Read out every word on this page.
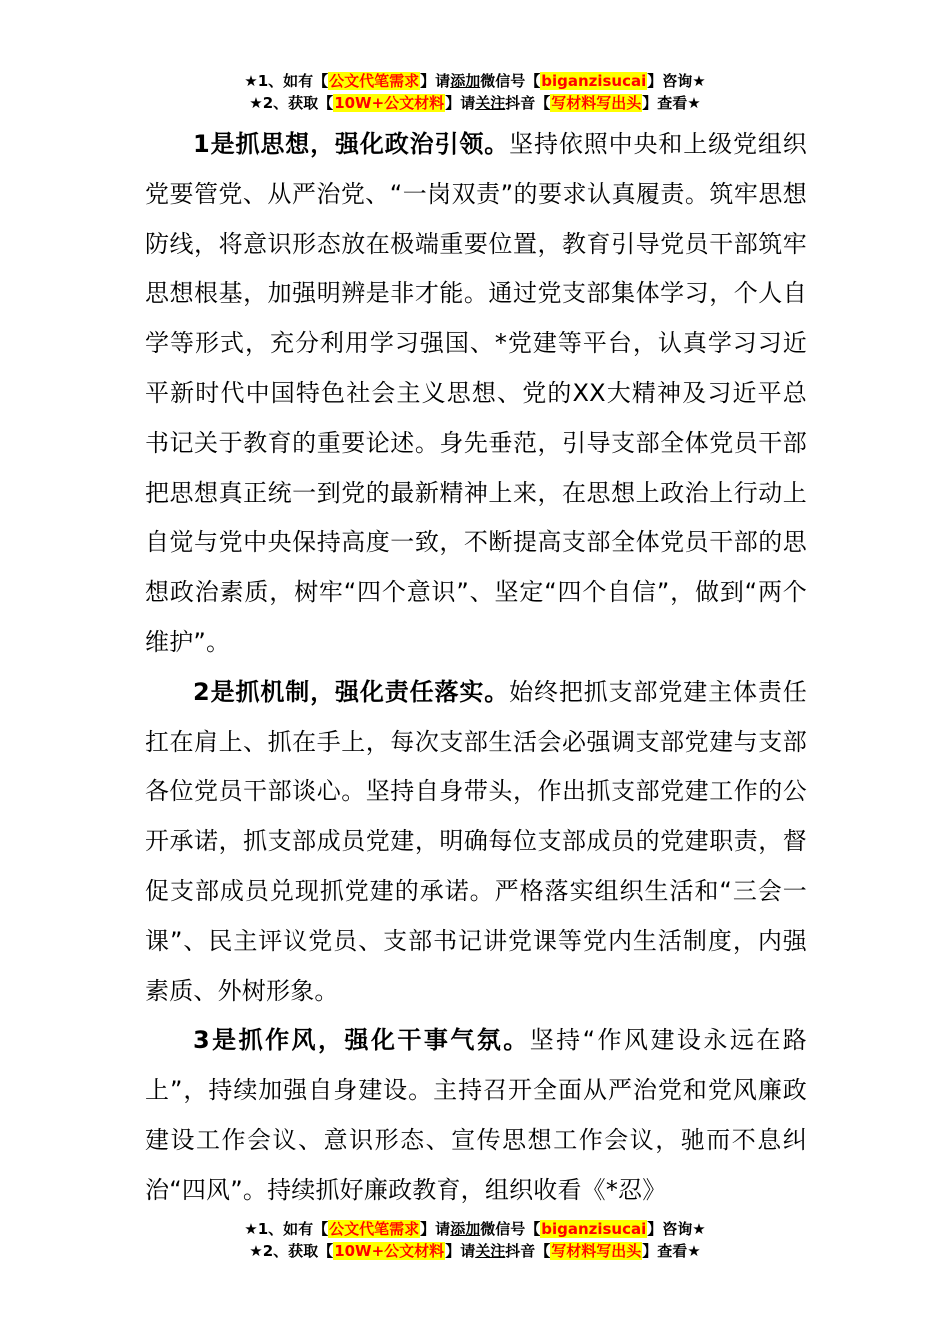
★1、如有【公文代笔需求】请添加微信号【biganzisucai】咨询★
★2、获取【10W+公文材料】请关注抖音【写材料写出头】查看★

1是抓思想，强化政治引领。坚持依照中央和上级党组织党要管党、从严治党、“一岗双责”的要求认真履责。筑牢思想防线，将意识形态放在极端重要位置，教育引导党员干部筑牢思想根基，加强明辨是非才能。通过党支部集体学习，个人自学等形式，充分利用学习强国、*党建等平台，认真学习习近平新时代中国特色社会主义思想、党的XX大精神及习近平总书记关于教育的重要论述。身先垂范，引导支部全体党员干部把思想真正统一到党的最新精神上来，在思想上政治上行动上自觉与党中央保持高度一致，不断提高支部全体党员干部的思想政治素质，树牢“四个意识”、坚定“四个自信”，做到“两个维护”。

2是抓机制，强化责任落实。始终把抓支部党建主体责任扛在肩上、抓在手上，每次支部生活会必强调支部党建与支部各位党员干部谈心。坚持自身带头，作出抓支部党建工作的公开承诺，抓支部成员党建，明确每位支部成员的党建职责，督促支部成员兑现抓党建的承诺。严格落实组织生活和“三会一课”、民主评议党员、支部书记讲党课等党内生活制度，内强素质、外树形象。

3是抓作风，强化干事气氛。坚持“作风建设永远在路上”，持续加强自身建设。主持召开全面从严治党和党风廉政建设工作会议、意识形态、宣传思想工作会议，驰而不息纠治“四风”。持续抓好廉政教育，组织收看《*忍》

★1、如有【公文代笔需求】请添加微信号【biganzisucai】咨询★
★2、获取【10W+公文材料】请关注抖音【写材料写出头】查看★
